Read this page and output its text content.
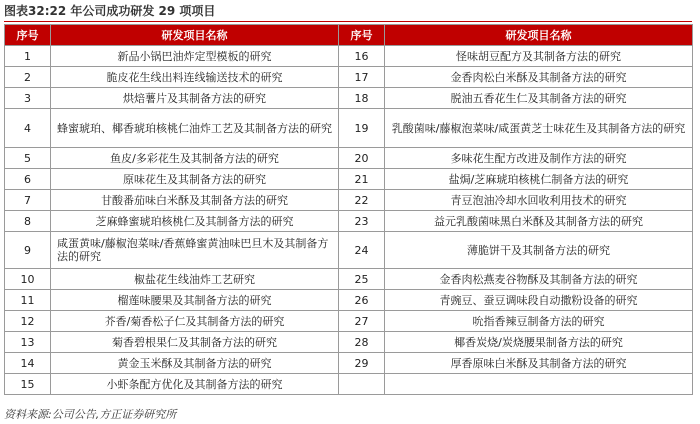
图表32:22 年公司成功研发 29 项项目
序号	研发项目名称	序号	研发项目名称
1	新品小锅巴油炸定型模板的研究	16	怪味胡豆配方及其制备方法的研究
2	脆皮花生线出料连线输送技术的研究	17	金香肉松白米酥及其制备方法的研究
3	烘焙薯片及其制备方法的研究	18	脱油五香花生仁及其制备方法的研究
4	蜂蜜琥珀、椰香琥珀核桃仁油炸工艺及其制备方法的研究	19	乳酸菌味/藤椒泡菜味/咸蛋黄芝士味花生及其制备方法的研究
5	鱼皮/多彩花生及其制备方法的研究	20	多味花生配方改进及制作方法的研究
6	原味花生及其制备方法的研究	21	盐焗/芝麻琥珀核桃仁制备方法的研究
7	甘酸番茄味白米酥及其制备方法的研究	22	青豆泡油冷却水回收利用技术的研究
8	芝麻蜂蜜琥珀核桃仁及其制备方法的研究	23	益元乳酸菌味黑白米酥及其制备方法的研究
9	咸蛋黄味/藤椒泡菜味/香蕉蜂蜜黄油味巴旦木及其制备方法的研究	24	薄脆饼干及其制备方法的研究
10	椒盐花生线油炸工艺研究	25	金香肉松燕麦谷物酥及其制备方法的研究
11	榴莲味腰果及其制备方法的研究	26	青豌豆、蚕豆调味段自动撒粉设备的研究
12	芥香/菊香松子仁及其制备方法的研究	27	吮指香辣豆制备方法的研究
13	菊香碧根果仁及其制备方法的研究	28	椰香炭烧/炭烧腰果制备方法的研究
14	黄金玉米酥及其制备方法的研究	29	厚香原味白米酥及其制备方法的研究
15	小虾条配方优化及其制备方法的研究		
资料来源:公司公告,方正证券研究所
